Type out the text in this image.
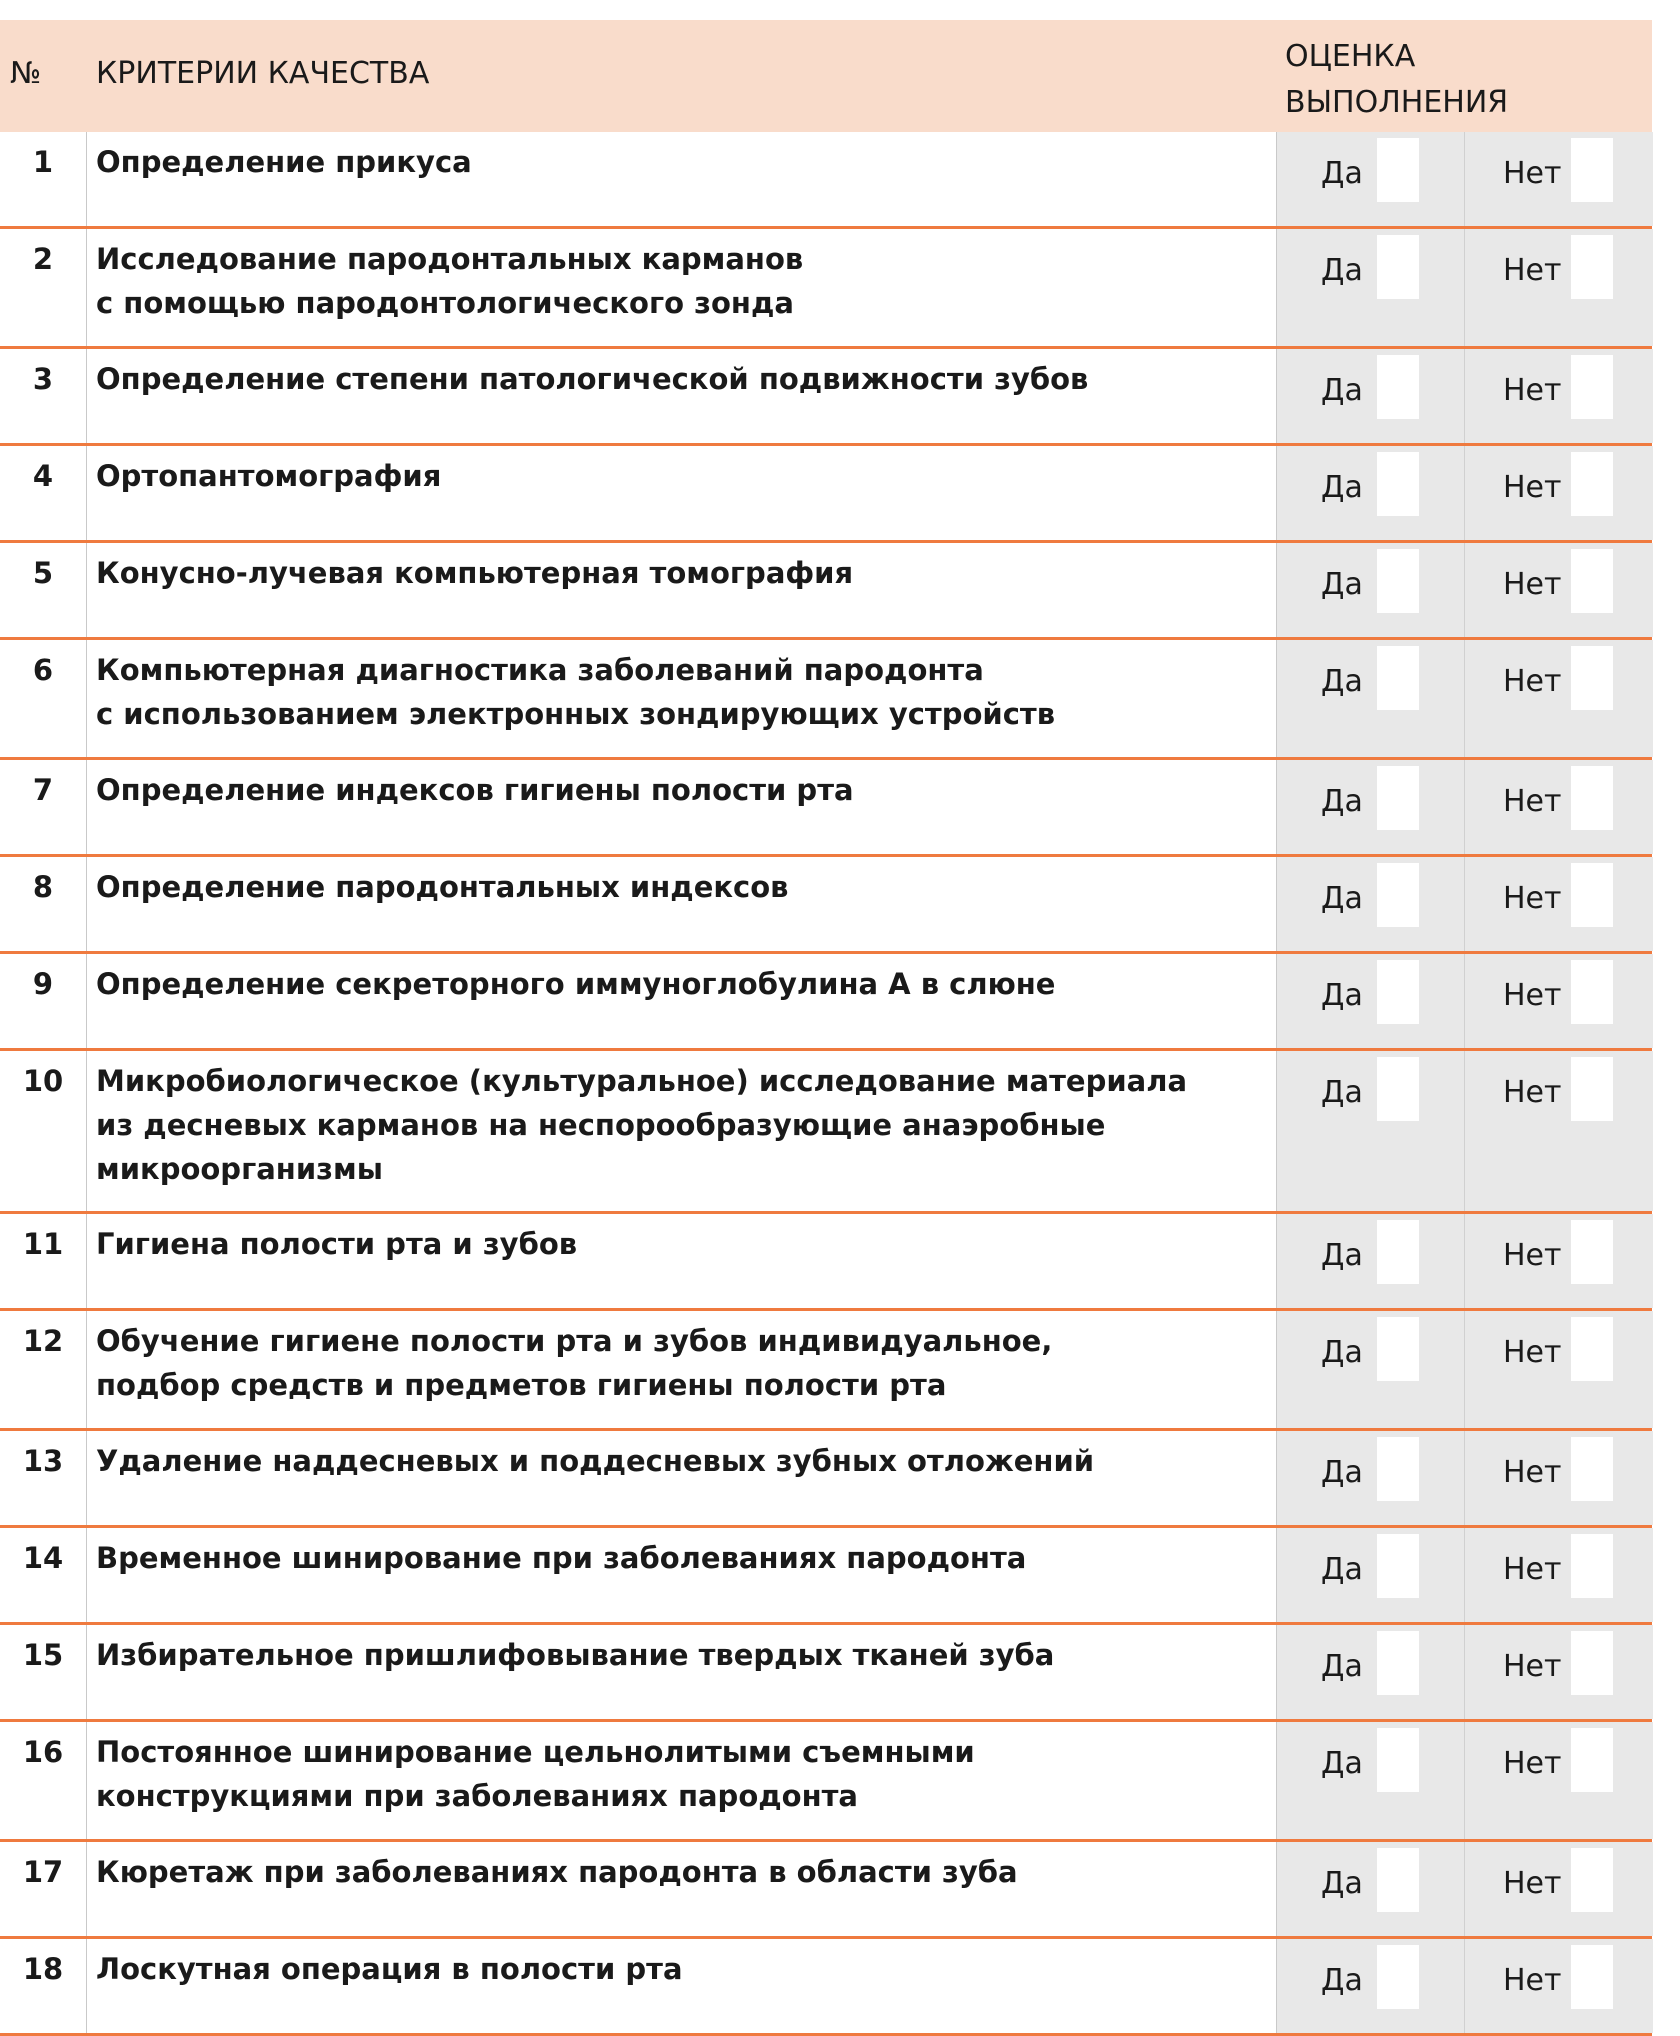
№ КРИТЕРИИ КАЧЕСТВА	ОЦЕНКА
ВЫПОЛНЕНИЯ
1	Определение прикуса	Да	Нет
2	Исследование пародонтальных карманов
с помощью пародонтологического зонда
Да	Нет
3	Определение степени патологической подвижности зубов	Да	Нет
4	Ортопантомография	Да	Нет
5	Конусно-лучевая компьютерная томография	Да	Нет
6	Компьютерная диагностика заболеваний пародонта
с использованием электронных зондирующих устройств
Да	Нет
7	Определение индексов гигиены полости рта	Да	Нет
8	Определение пародонтальных индексов	Да	Нет
9	Определение секреторного иммуноглобулина А в слюне	Да	Нет
10	Микробиологическое (культуральное) исследование материала
из десневых карманов на неспорообразующие анаэробные
микроорганизмы
Да	Нет
11	Гигиена полости рта и зубов	Да	Нет
12	Обучение гигиене полости рта и зубов индивидуальное,
подбор средств и предметов гигиены полости рта
Да	Нет
13	Удаление наддесневых и поддесневых зубных отложений	Да	Нет
14	Временное шинирование при заболеваниях пародонта	Да	Нет
15	Избирательное пришлифовывание твердых тканей зуба	Да	Нет
16	Постоянное шинирование цельнолитыми съемными
конструкциями при заболеваниях пародонта
Да	Нет
17	Кюретаж при заболеваниях пародонта в области зуба	Да	Нет
18	Лоскутная операция в полости рта	Да	Нет
